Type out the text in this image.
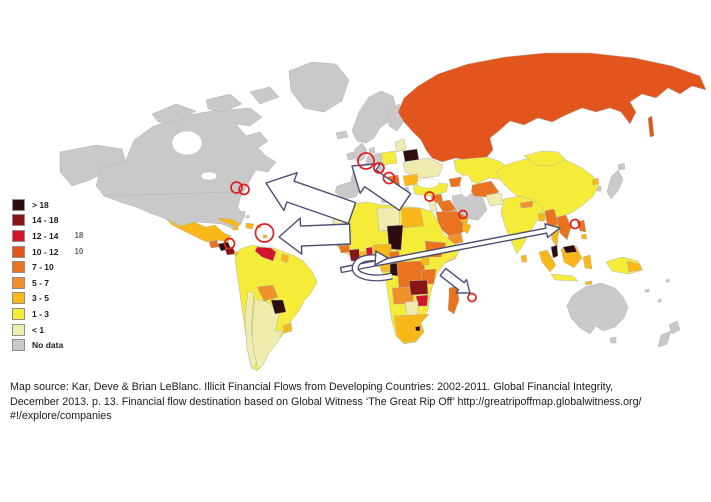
> 18
14 - 18
12 - 14 18
10 - 12 10
7 - 10
5 - 7
3 - 5
1 - 3
< 1
No data
Map source: Kar, Deve & Brian LeBlanc. Illicit Financial Flows from Developing Countries: 2002-2011. Global Financial Integrity,
December 2013. p. 13. Financial flow destination based on Global Witness ‘The Great Rip Off’ http://greatripoffmap.globalwitness.org/
#!/explore/companies
